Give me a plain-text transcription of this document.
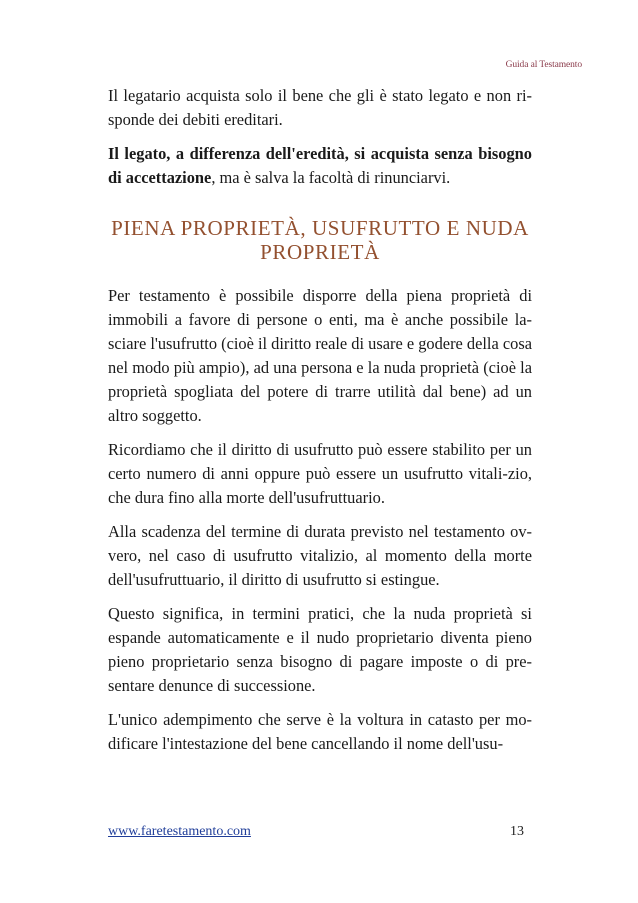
Guida al Testamento

Il legatario acquista solo il bene che gli è stato legato e non ri-sponde dei debiti ereditari.

Il legato, a differenza dell'eredità, si acquista senza bisogno di accettazione, ma è salva la facoltà di rinunciarvi.

PIENA PROPRIETÀ, USUFRUTTO E NUDA PROPRIETÀ

Per testamento è possibile disporre della piena proprietà di immobili a favore di persone o enti, ma è anche possibile la-sciare l'usufrutto (cioè il diritto reale di usare e godere della cosa nel modo più ampio), ad una persona e la nuda proprietà (cioè la proprietà spogliata del potere di trarre utilità dal bene) ad un altro soggetto.

Ricordiamo che il diritto di usufrutto può essere stabilito per un certo numero di anni oppure può essere un usufrutto vitali-zio, che dura fino alla morte dell'usufruttuario.

Alla scadenza del termine di durata previsto nel testamento ov-vero, nel caso di usufrutto vitalizio, al momento della morte dell'usufruttuario, il diritto di usufrutto si estingue.

Questo significa, in termini pratici, che la nuda proprietà si espande automaticamente e il nudo proprietario diventa pieno pieno proprietario senza bisogno di pagare imposte o di pre-sentare denunce di successione.

L'unico adempimento che serve è la voltura in catasto per mo-dificare l'intestazione del bene cancellando il nome dell'usu-

www.faretestamento.com	13
